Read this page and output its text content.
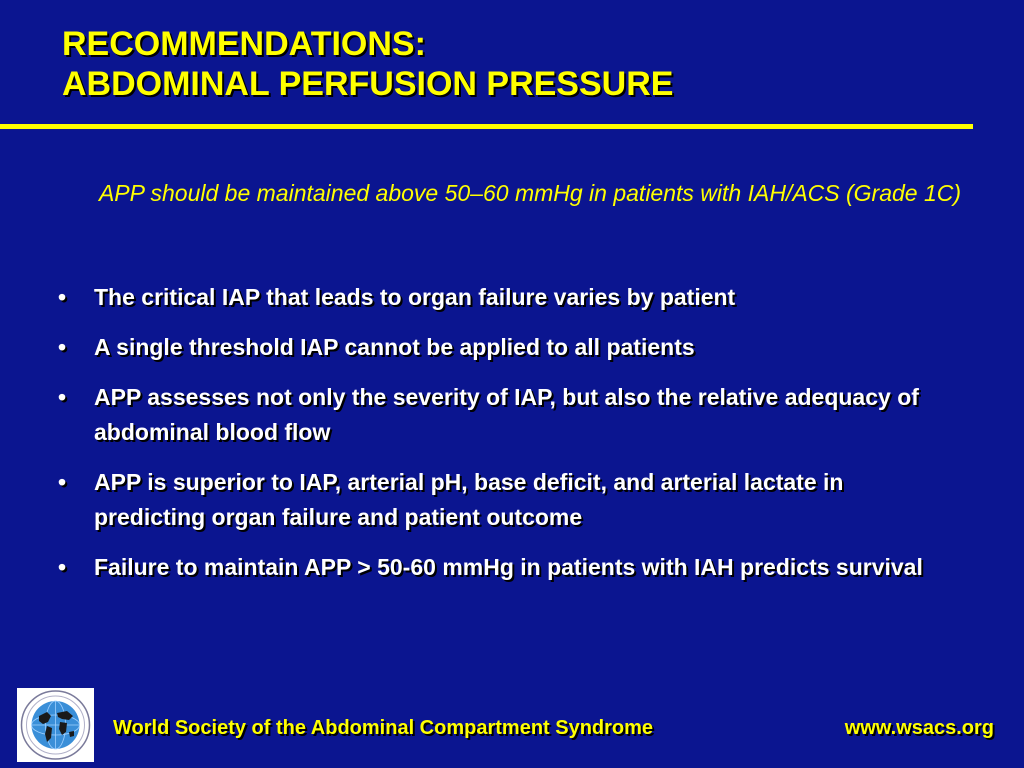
RECOMMENDATIONS:
ABDOMINAL PERFUSION PRESSURE

APP should be maintained above 50–60 mmHg in patients with IAH/ACS (Grade 1C)

•	The critical IAP that leads to organ failure varies by patient
•	A single threshold IAP cannot be applied to all patients
•	APP assesses not only the severity of IAP, but also the relative adequacy of abdominal blood flow
•	APP is superior to IAP, arterial pH, base deficit, and arterial lactate in predicting organ failure and patient outcome
•	Failure to maintain APP > 50-60 mmHg in patients with IAH predicts survival
World Society of the Abdominal Compartment Syndrome	www.wsacs.org
